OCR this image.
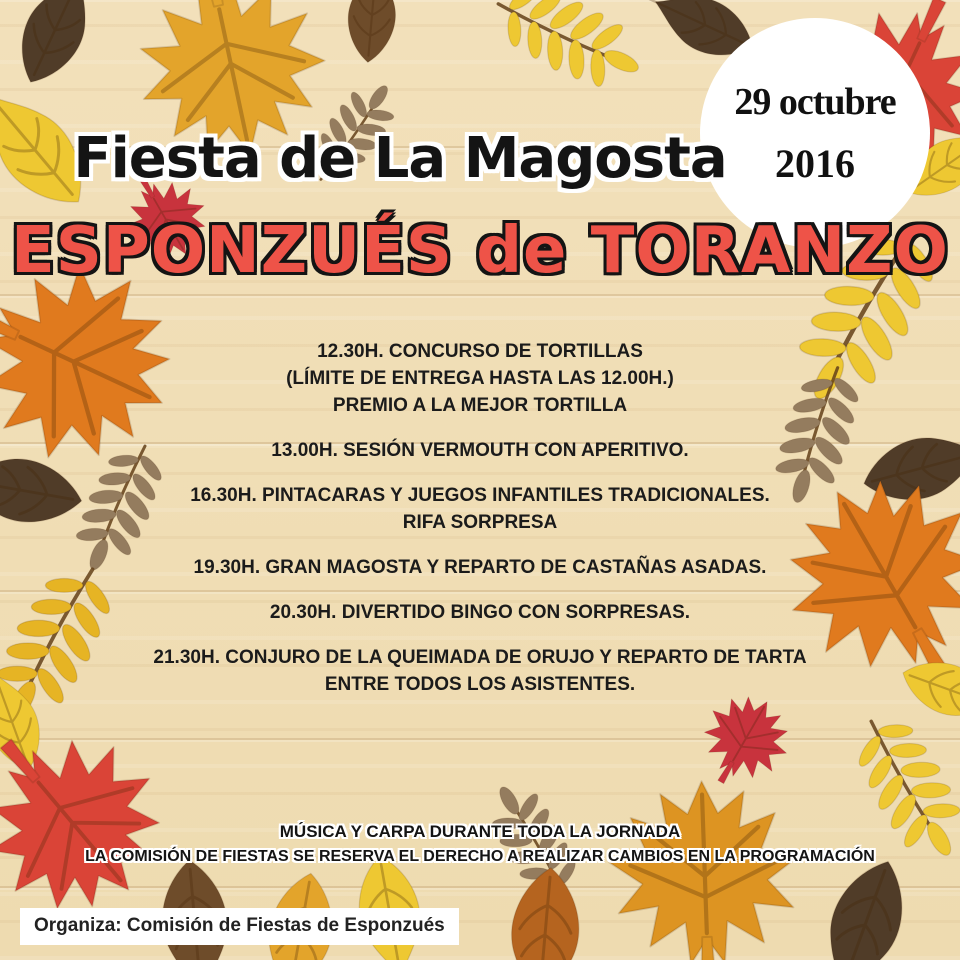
29 octubre
2016
Fiesta de La Magosta
ESPONZUÉS de TORANZO
12.30H. CONCURSO DE TORTILLAS
(LÍMITE DE ENTREGA HASTA LAS 12.00H.)
PREMIO A LA MEJOR TORTILLA
13.00H. SESIÓN VERMOUTH CON APERITIVO.
16.30H. PINTACARAS Y JUEGOS INFANTILES TRADICIONALES.
RIFA SORPRESA
19.30H. GRAN MAGOSTA Y REPARTO DE CASTAÑAS ASADAS.
20.30H. DIVERTIDO BINGO CON SORPRESAS.
21.30H. CONJURO DE LA QUEIMADA DE ORUJO Y REPARTO DE TARTA
ENTRE TODOS LOS ASISTENTES.
MÚSICA Y CARPA DURANTE TODA LA JORNADA
LA COMISIÓN DE FIESTAS SE RESERVA EL DERECHO A REALIZAR CAMBIOS EN LA PROGRAMACIÓN
Organiza: Comisión de Fiestas de Esponzués
